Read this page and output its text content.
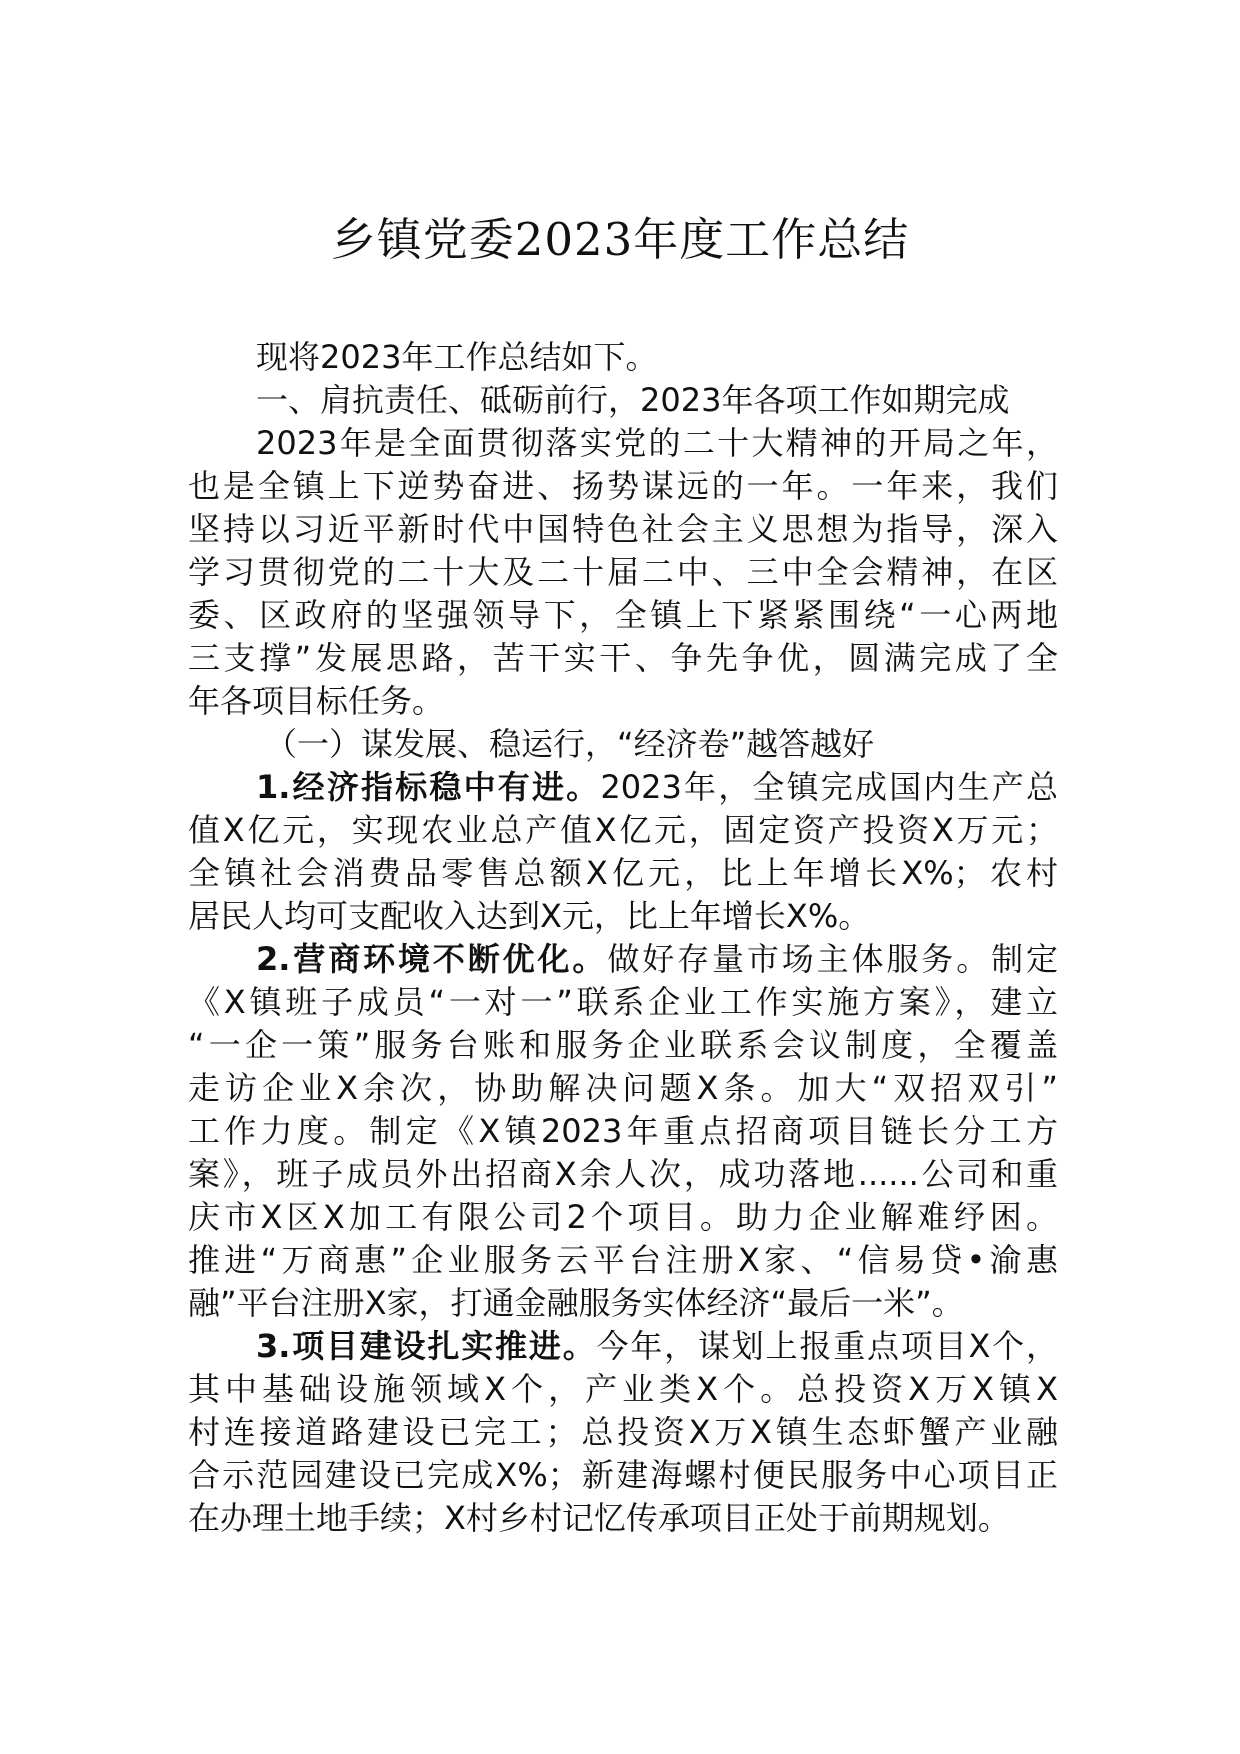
乡镇党委2023年度工作总结
现将2023年工作总结如下。
一、肩抗责任、砥砺前行，2023年各项工作如期完成
2023年是全面贯彻落实党的二十大精神的开局之年，
也是全镇上下逆势奋进、扬势谋远的一年。一年来，我们
坚持以习近平新时代中国特色社会主义思想为指导，深入
学习贯彻党的二十大及二十届二中、三中全会精神，在区
委、区政府的坚强领导下，全镇上下紧紧围绕“一心两地
三支撑”发展思路，苦干实干、争先争优，圆满完成了全
年各项目标任务。
（一）谋发展、稳运行，“经济卷”越答越好
1.经济指标稳中有进。2023年，全镇完成国内生产总
值X亿元，实现农业总产值X亿元，固定资产投资X万元；
全镇社会消费品零售总额X亿元，比上年增长X%；农村
居民人均可支配收入达到X元，比上年增长X%。
2.营商环境不断优化。做好存量市场主体服务。制定
《X镇班子成员“一对一”联系企业工作实施方案》，建立
“一企一策”服务台账和服务企业联系会议制度，全覆盖
走访企业X余次，协助解决问题X条。加大“双招双引”
工作力度。制定《X镇2023年重点招商项目链长分工方
案》，班子成员外出招商X余人次，成功落地......公司和重
庆市X区X加工有限公司2个项目。助力企业解难纾困。
推进“万商惠”企业服务云平台注册X家、“信易贷•渝惠
融”平台注册X家，打通金融服务实体经济“最后一米”。
3.项目建设扎实推进。今年，谋划上报重点项目X个，
其中基础设施领域X个，产业类X个。总投资X万X镇X
村连接道路建设已完工；总投资X万X镇生态虾蟹产业融
合示范园建设已完成X%；新建海螺村便民服务中心项目正
在办理土地手续；X村乡村记忆传承项目正处于前期规划。
